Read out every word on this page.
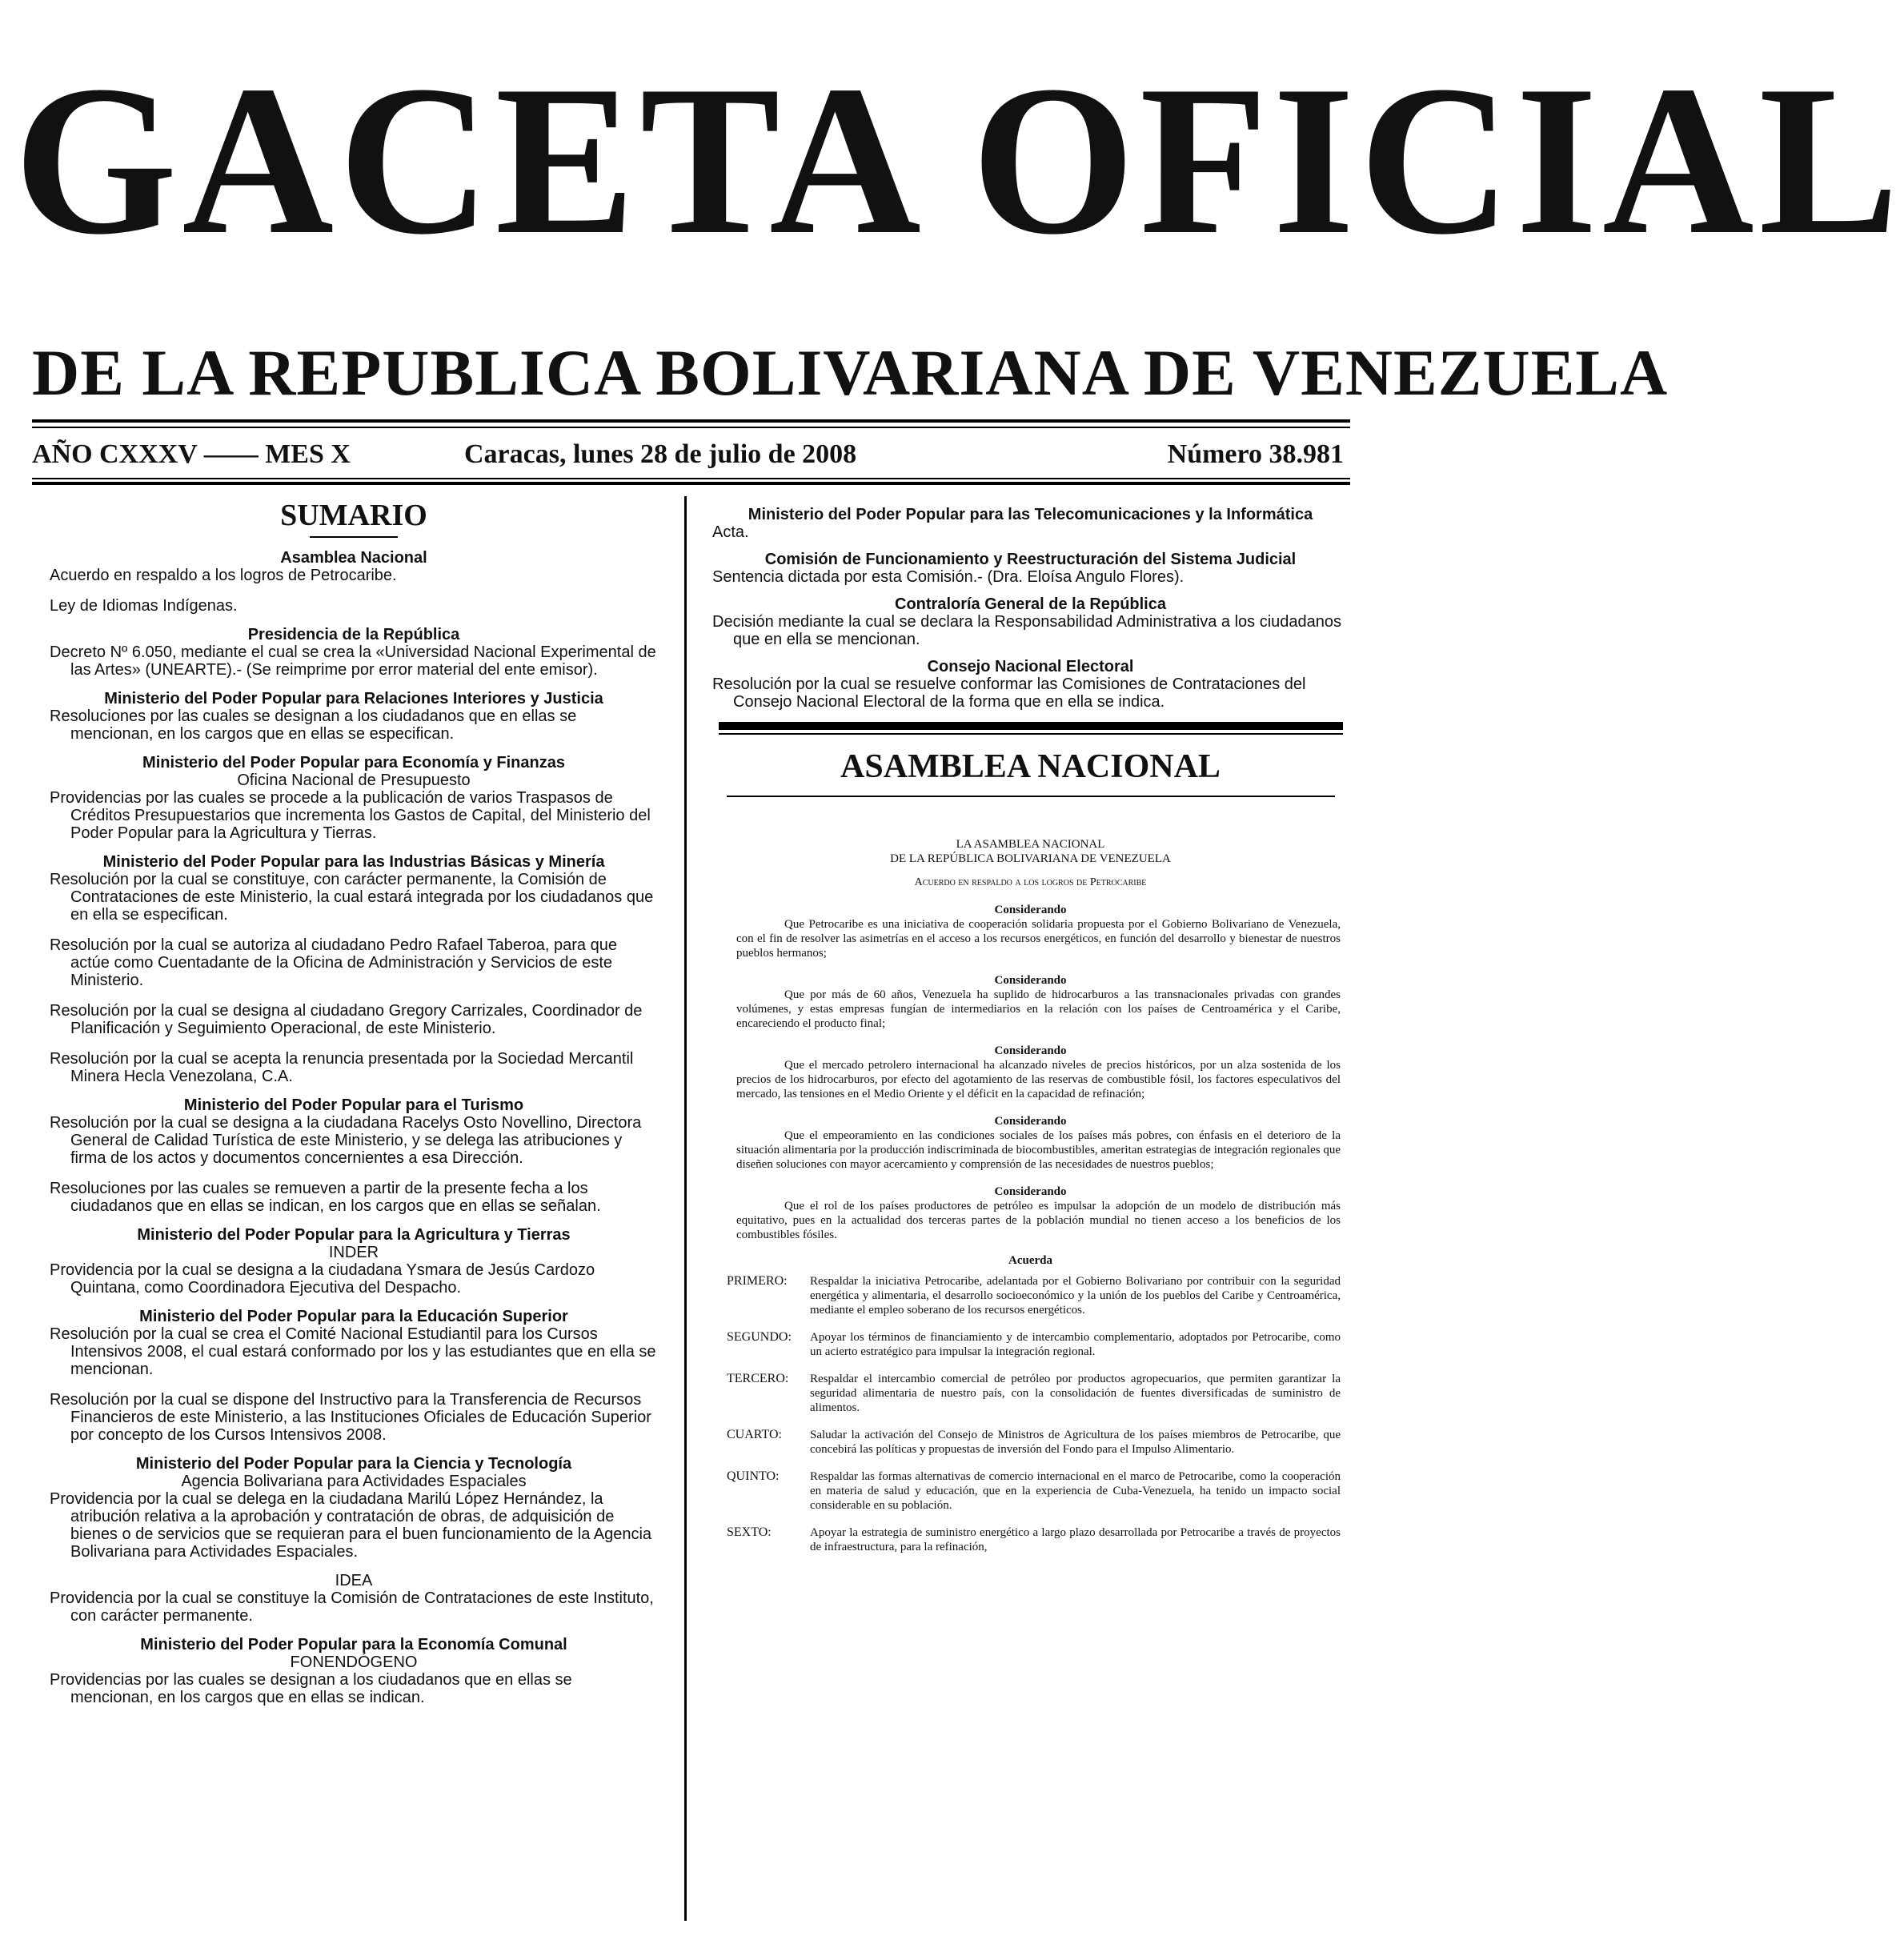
GACETA OFICIAL
DE LA REPUBLICA BOLIVARIANA DE VENEZUELA
AÑO CXXXV —— MES X	Caracas, lunes 28 de julio de 2008	Número 38.981
SUMARIO
Asamblea Nacional

Acuerdo en respaldo a los logros de Petrocaribe.

Ley de Idiomas Indígenas.

Presidencia de la República

Decreto Nº 6.050, mediante el cual se crea la «Universidad Nacional Experimental de las Artes» (UNEARTE).- (Se reimprime por error material del ente emisor).

Ministerio del Poder Popular para Relaciones Interiores y Justicia

Resoluciones por las cuales se designan a los ciudadanos que en ellas se mencionan, en los cargos que en ellas se especifican.

Ministerio del Poder Popular para Economía y Finanzas
Oficina Nacional de Presupuesto

Providencias por las cuales se procede a la publicación de varios Traspasos de Créditos Presupuestarios que incrementa los Gastos de Capital, del Ministerio del Poder Popular para la Agricultura y Tierras.

Ministerio del Poder Popular para las Industrias Básicas y Minería

Resolución por la cual se constituye, con carácter permanente, la Comisión de Contrataciones de este Ministerio, la cual estará integrada por los ciudadanos que en ella se especifican.

Resolución por la cual se autoriza al ciudadano Pedro Rafael Taberoa, para que actúe como Cuentadante de la Oficina de Administración y Servicios de este Ministerio.

Resolución por la cual se designa al ciudadano Gregory Carrizales, Coordinador de Planificación y Seguimiento Operacional, de este Ministerio.

Resolución por la cual se acepta la renuncia presentada por la Sociedad Mercantil Minera Hecla Venezolana, C.A.

Ministerio del Poder Popular para el Turismo

Resolución por la cual se designa a la ciudadana Racelys Osto Novellino, Directora General de Calidad Turística de este Ministerio, y se delega las atribuciones y firma de los actos y documentos concernientes a esa Dirección.

Resoluciones por las cuales se remueven a partir de la presente fecha a los ciudadanos que en ellas se indican, en los cargos que en ellas se señalan.

Ministerio del Poder Popular para la Agricultura y Tierras
INDER

Providencia por la cual se designa a la ciudadana Ysmara de Jesús Cardozo Quintana, como Coordinadora Ejecutiva del Despacho.

Ministerio del Poder Popular para la Educación Superior

Resolución por la cual se crea el Comité Nacional Estudiantil para los Cursos Intensivos 2008, el cual estará conformado por los y las estudiantes que en ella se mencionan.

Resolución por la cual se dispone del Instructivo para la Transferencia de Recursos Financieros de este Ministerio, a las Instituciones Oficiales de Educación Superior por concepto de los Cursos Intensivos 2008.

Ministerio del Poder Popular para la Ciencia y Tecnología
Agencia Bolivariana para Actividades Espaciales

Providencia por la cual se delega en la ciudadana Marilú López Hernández, la atribución relativa a la aprobación y contratación de obras, de adquisición de bienes o de servicios que se requieran para el buen funcionamiento de la Agencia Bolivariana para Actividades Espaciales.

IDEA

Providencia por la cual se constituye la Comisión de Contrataciones de este Instituto, con carácter permanente.

Ministerio del Poder Popular para la Economía Comunal
FONENDÓGENO

Providencias por las cuales se designan a los ciudadanos que en ellas se mencionan, en los cargos que en ellas se indican.

Ministerio del Poder Popular para las Telecomunicaciones y la Informática

Acta.

Comisión de Funcionamiento y Reestructuración del Sistema Judicial

Sentencia dictada por esta Comisión.- (Dra. Eloísa Angulo Flores).

Contraloría General de la República

Decisión mediante la cual se declara la Responsabilidad Administrativa a los ciudadanos que en ella se mencionan.

Consejo Nacional Electoral

Resolución por la cual se resuelve conformar las Comisiones de Contrataciones del Consejo Nacional Electoral de la forma que en ella se indica.

ASAMBLEA NACIONAL
LA ASAMBLEA NACIONAL
DE LA REPÚBLICA BOLIVARIANA DE VENEZUELA
Acuerdo en respaldo a los logros de Petrocaribe
Considerando

Que Petrocaribe es una iniciativa de cooperación solidaria propuesta por el Gobierno Bolivariano de Venezuela, con el fin de resolver las asimetrías en el acceso a los recursos energéticos, en función del desarrollo y bienestar de nuestros pueblos hermanos;

Considerando

Que por más de 60 años, Venezuela ha suplido de hidrocarburos a las transnacionales privadas con grandes volúmenes, y estas empresas fungían de intermediarios en la relación con los países de Centroamérica y el Caribe, encareciendo el producto final;

Considerando

Que el mercado petrolero internacional ha alcanzado niveles de precios históricos, por un alza sostenida de los precios de los hidrocarburos, por efecto del agotamiento de las reservas de combustible fósil, los factores especulativos del mercado, las tensiones en el Medio Oriente y el déficit en la capacidad de refinación;

Considerando

Que el empeoramiento en las condiciones sociales de los países más pobres, con énfasis en el deterioro de la situación alimentaria por la producción indiscriminada de biocombustibles, ameritan estrategias de integración regionales que diseñen soluciones con mayor acercamiento y comprensión de las necesidades de nuestros pueblos;

Considerando

Que el rol de los países productores de petróleo es impulsar la adopción de un modelo de distribución más equitativo, pues en la actualidad dos terceras partes de la población mundial no tienen acceso a los beneficios de los combustibles fósiles.

Acuerda
PRIMERO:	Respaldar la iniciativa Petrocaribe, adelantada por el Gobierno Bolivariano por contribuir con la seguridad energética y alimentaria, el desarrollo socioeconómico y la unión de los pueblos del Caribe y Centroamérica, mediante el empleo soberano de los recursos energéticos.
SEGUNDO:	Apoyar los términos de financiamiento y de intercambio complementario, adoptados por Petrocaribe, como un acierto estratégico para impulsar la integración regional.
TERCERO:	Respaldar el intercambio comercial de petróleo por productos agropecuarios, que permiten garantizar la seguridad alimentaria de nuestro país, con la consolidación de fuentes diversificadas de suministro de alimentos.
CUARTO:	Saludar la activación del Consejo de Ministros de Agricultura de los países miembros de Petrocaribe, que concebirá las políticas y propuestas de inversión del Fondo para el Impulso Alimentario.
QUINTO:	Respaldar las formas alternativas de comercio internacional en el marco de Petrocaribe, como la cooperación en materia de salud y educación, que en la experiencia de Cuba-Venezuela, ha tenido un impacto social considerable en su población.
SEXTO:	Apoyar la estrategia de suministro energético a largo plazo desarrollada por Petrocaribe a través de proyectos de infraestructura, para la refinación,
